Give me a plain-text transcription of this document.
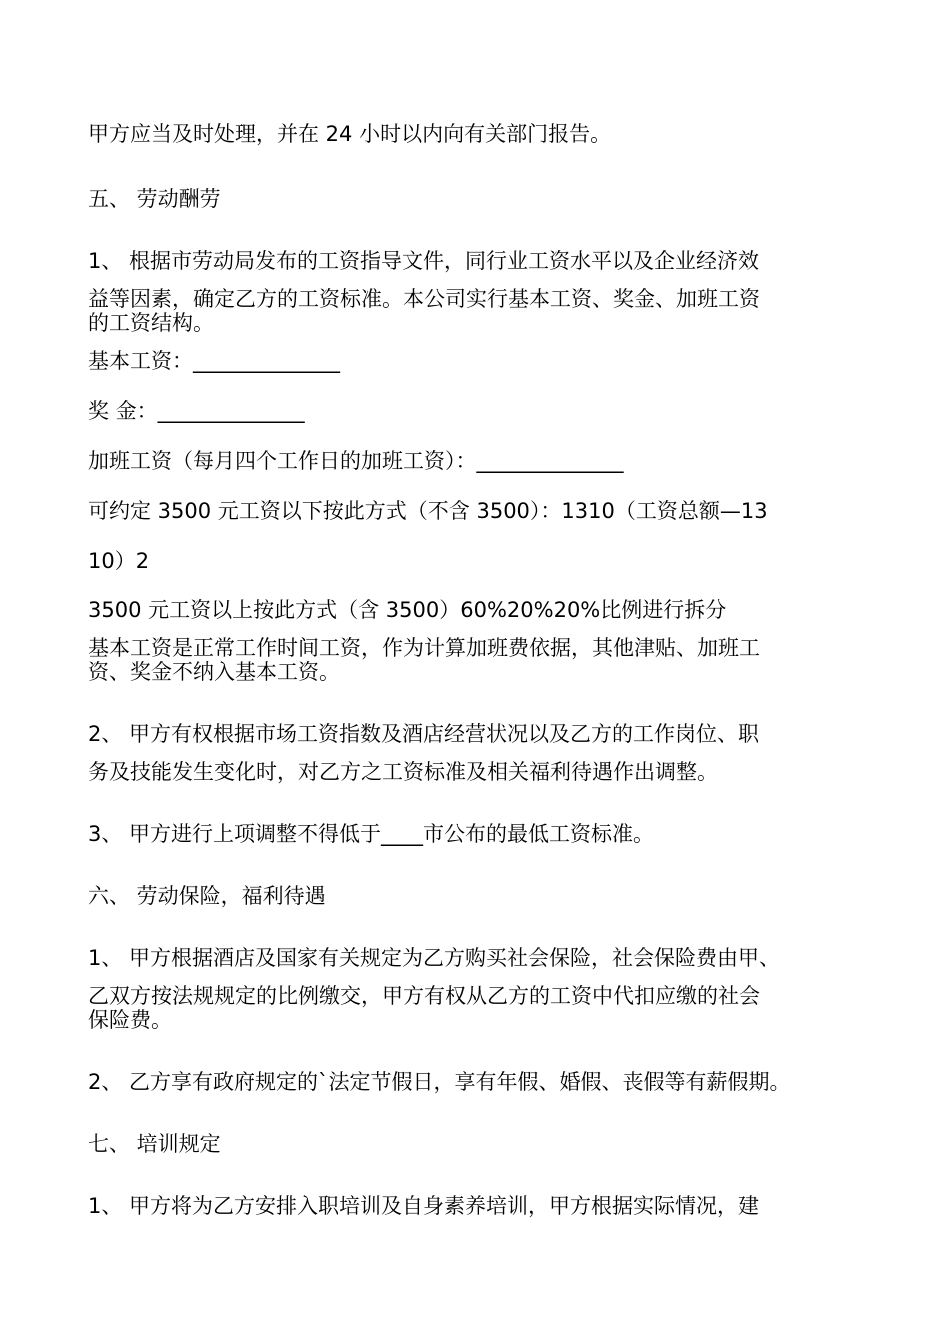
甲方应当及时处理，并在 24 小时以内向有关部门报告。

五、 劳动酬劳

1、 根据市劳动局发布的工资指导文件，同行业工资水平以及企业经济效

益等因素，确定乙方的工资标准。本公司实行基本工资、奖金、加班工资

的工资结构。

基本工资：______________

奖 金：______________

加班工资（每月四个工作日的加班工资）：______________

可约定 3500 元工资以下按此方式（不含 3500）：1310（工资总额—13

10）2

3500 元工资以上按此方式（含 3500）60%20%20%比例进行拆分

基本工资是正常工作时间工资，作为计算加班费依据，其他津贴、加班工

资、奖金不纳入基本工资。

2、 甲方有权根据市场工资指数及酒店经营状况以及乙方的工作岗位、职

务及技能发生变化时，对乙方之工资标准及相关福利待遇作出调整。

3、 甲方进行上项调整不得低于____市公布的最低工资标准。

六、 劳动保险，福利待遇

1、 甲方根据酒店及国家有关规定为乙方购买社会保险，社会保险费由甲、

乙双方按法规规定的比例缴交，甲方有权从乙方的工资中代扣应缴的社会

保险费。

2、 乙方享有政府规定的`法定节假日，享有年假、婚假、丧假等有薪假期。

七、 培训规定

1、 甲方将为乙方安排入职培训及自身素养培训，甲方根据实际情况，建
